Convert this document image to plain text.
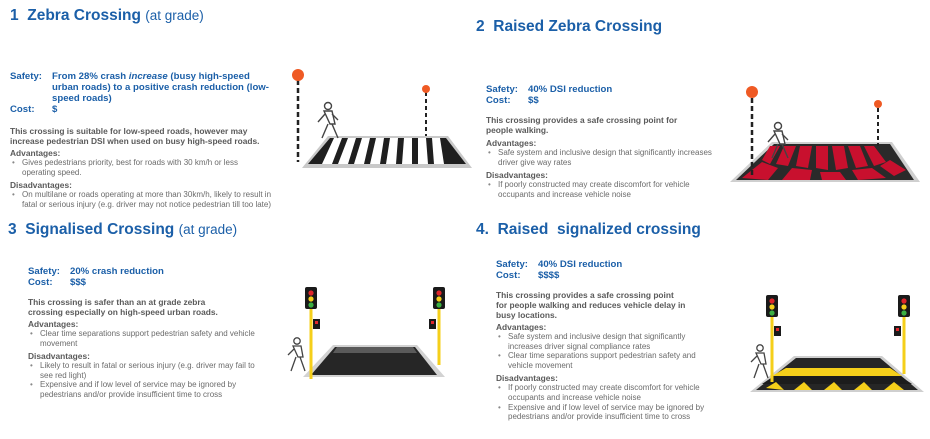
1 Zebra Crossing (at grade)
Safety:	From 28% crash increase (busy high-speed urban roads) to a positive crash reduction (low-speed roads)
Cost:	$
This crossing is suitable for low-speed roads, however may increase pedestrian DSI when used on busy high-speed roads.
Advantages:
• Gives pedestrians priority, best for roads with 30 km/h or less operating speed.
Disadvantages:
• On multilane or roads operating at more than 30km/h, likely to result in fatal or serious injury (e.g. driver may not notice pedestrian till too late)
2 Raised Zebra Crossing
Safety:	40% DSI reduction
Cost:	$$
This crossing provides a safe crossing point for people walking.
Advantages:
• Safe system and inclusive design that significantly increases driver give way rates
Disadvantages:
• If poorly constructed may create discomfort for vehicle occupants and increase vehicle noise
3 Signalised Crossing (at grade)
Safety:	20% crash reduction
Cost:	$$$
This crossing is safer than an at grade zebra crossing especially on high-speed urban roads.
Advantages:
• Clear time separations support pedestrian safety and vehicle movement
Disadvantages:
• Likely to result in fatal or serious injury (e.g. driver may fail to see red light)
• Expensive and if low level of service may be ignored by pedestrians and/or provide insufficient time to cross
4. Raised  signalized crossing
Safety:	40% DSI reduction
Cost:	$$$$
This crossing provides a safe crossing point for people walking and reduces vehicle delay in busy locations.
Advantages:
• Safe system and inclusive design that significantly increases driver signal compliance rates
• Clear time separations support pedestrian safety and vehicle movement
Disadvantages:
• If poorly constructed may create discomfort for vehicle occupants and increase vehicle noise
• Expensive and if low level of service may be ignored by pedestrians and/or provide insufficient time to cross
